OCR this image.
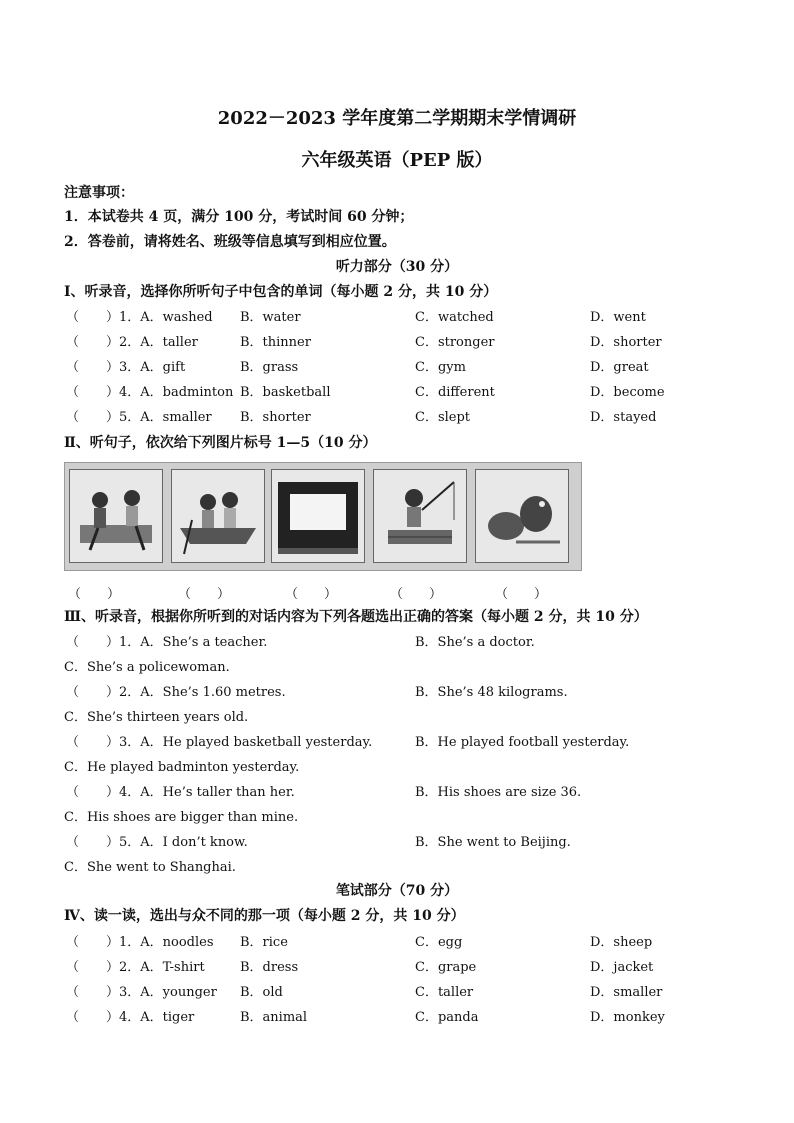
2022－2023 学年度第二学期期末学情调研
六年级英语（PEP 版）
注意事项：
1．本试卷共 4 页，满分 100 分，考试时间 60 分钟；
2．答卷前，请将姓名、班级等信息填写到相应位置。
听力部分（30 分）
Ⅰ、听录音，选择你所听句子中包含的单词（每小题 2 分，共 10 分）
（ ）1．A．washed B．water	C．watched	D．went
（ ）2．A．taller	B．thinner	C．stronger	D．shorter
（ ）3．A．gift	B．grass	C．gym	D．great
（ ）4．A．badminton B．basketball	C．different	D．become
（ ）5．A．smaller B．shorter	C．slept	D．stayed
Ⅱ、听句子，依次给下列图片标号 1—5（10 分）
（　　）	（　　）	（　　）	（　　）	（　　）
Ⅲ、听录音，根据你所听到的对话内容为下列各题选出正确的答案（每小题 2 分，共 10 分）
（ ）1．A．She’s a teacher.	B．She’s a doctor.
C．She’s a policewoman.
（ ）2．A．She’s 1.60 metres.	B．She’s 48 kilograms.
C．She’s thirteen years old.
（ ）3．A．He played basketball yesterday.	B．He played football yesterday.
C．He played badminton yesterday.
（ ）4．A．He’s taller than her.	B．His shoes are size 36.
C．His shoes are bigger than mine.
（ ）5．A．I don’t know.	B．She went to Beijing.
C．She went to Shanghai.
笔试部分（70 分）
Ⅳ、读一读，选出与众不同的那一项（每小题 2 分，共 10 分）
（ ）1．A．noodles B．rice	C．egg	D．sheep
（ ）2．A．T-shirt	B．dress	C．grape	D．jacket
（ ）3．A．younger B．old	C．taller	D．smaller
（ ）4．A．tiger	B．animal	C．panda	D．monkey
